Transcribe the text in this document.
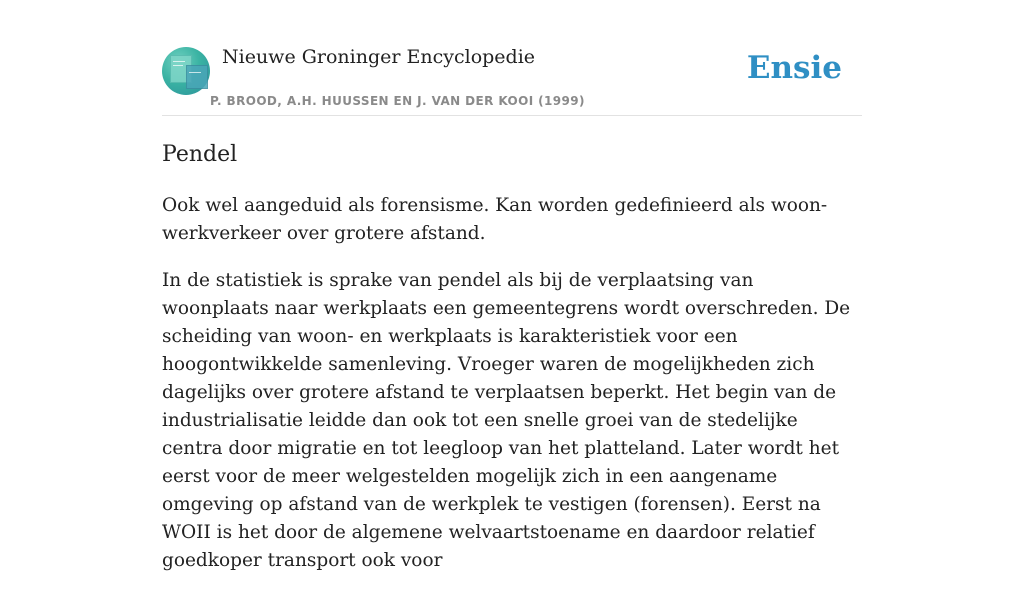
Nieuwe Groninger Encyclopedie
P. BROOD, A.H. HUUSSEN EN J. VAN DER KOOI (1999)
Ensie
Pendel

Ook wel aangeduid als forensisme. Kan worden gedefinieerd als woon-werkverkeer over grotere afstand.

In de statistiek is sprake van pendel als bij de verplaatsing van woonplaats naar werkplaats een gemeentegrens wordt overschreden. De scheiding van woon- en werkplaats is karakteristiek voor een hoogontwikkelde samenleving. Vroeger waren de mogelijkheden zich dagelijks over grotere afstand te verplaatsen beperkt. Het begin van de industrialisatie leidde dan ook tot een snelle groei van de stedelijke centra door migratie en tot leegloop van het platteland. Later wordt het eerst voor de meer welgestelden mogelijk zich in een aangename omgeving op afstand van de werkplek te vestigen (forensen). Eerst na WOII is het door de algemene welvaartstoename en daardoor relatief goedkoper transport ook voor
